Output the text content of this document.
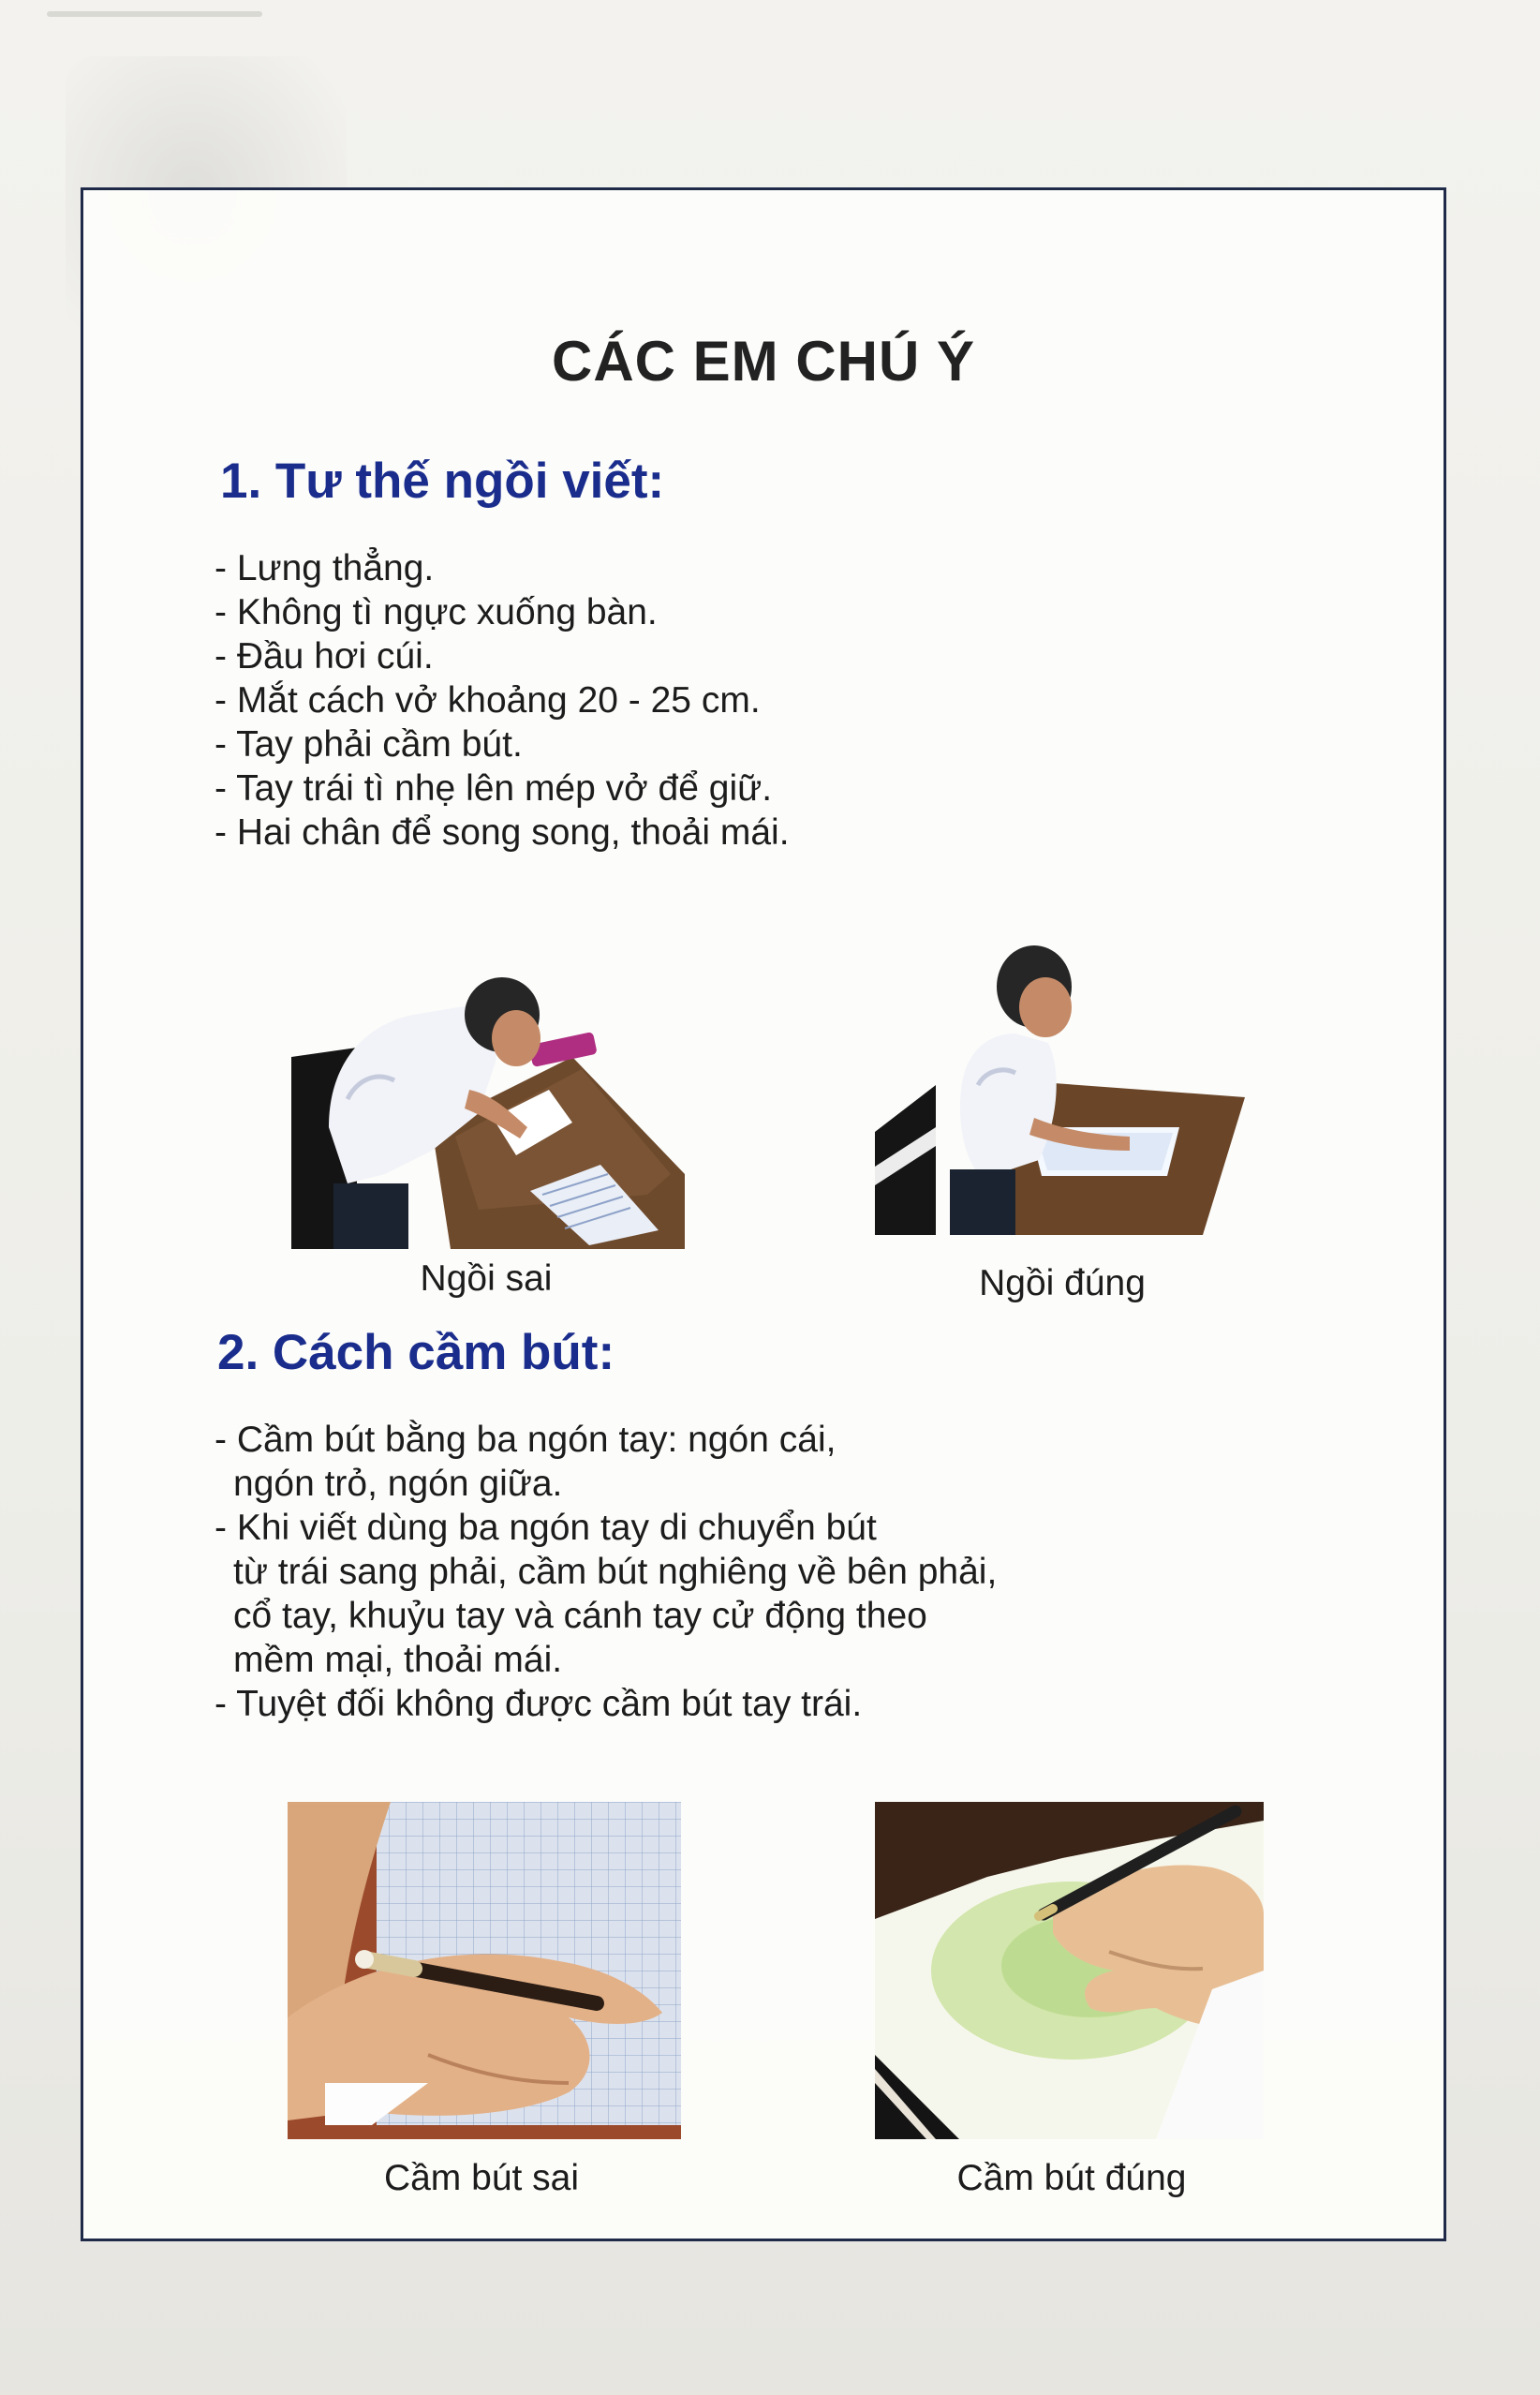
CÁC EM CHÚ Ý
1. Tư thế ngồi viết:
- Lưng thẳng.
- Không tì ngực xuống bàn.
- Đầu hơi cúi.
- Mắt cách vở khoảng 20 - 25 cm.
- Tay phải cầm bút.
- Tay trái tì nhẹ lên mép vở để giữ.
- Hai chân để song song, thoải mái.
Ngồi sai	Ngồi đúng
2. Cách cầm bút:
- Cầm bút bằng ba ngón tay: ngón cái,
ngón trỏ, ngón giữa.
- Khi viết dùng ba ngón tay di chuyển bút
từ trái sang phải, cầm bút nghiêng về bên phải,
cổ tay, khuỷu tay và cánh tay cử động theo
mềm mại, thoải mái.
- Tuyệt đối không được cầm bút tay trái.
Cầm bút sai	Cầm bút đúng
